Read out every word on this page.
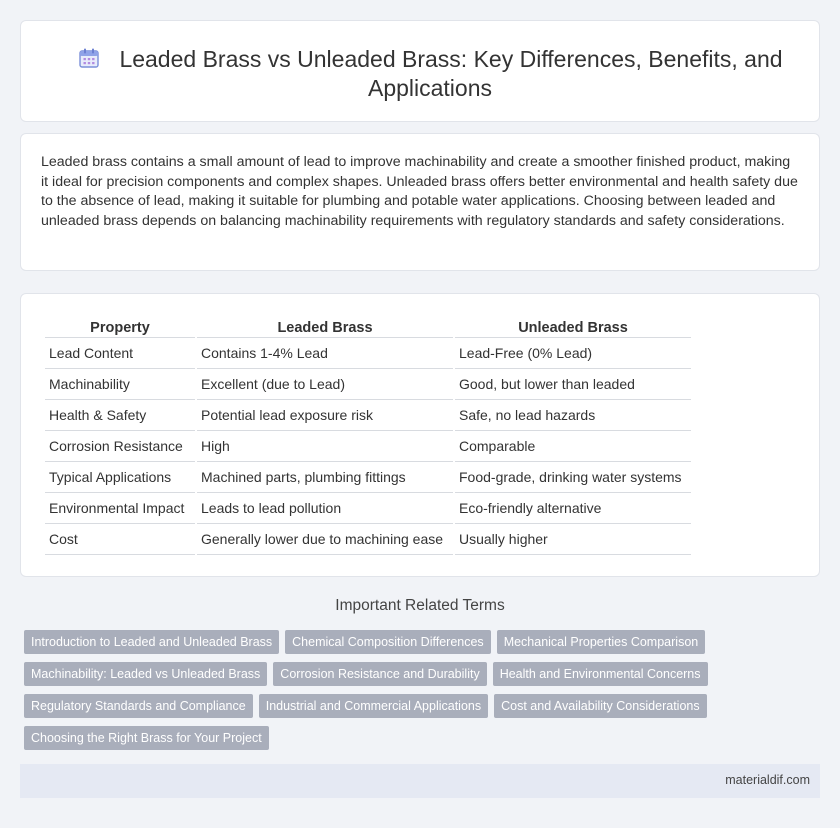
Leaded Brass vs Unleaded Brass: Key Differences, Benefits, and Applications

Leaded brass contains a small amount of lead to improve machinability and create a smoother finished product, making it ideal for precision components and complex shapes. Unleaded brass offers better environmental and health safety due to the absence of lead, making it suitable for plumbing and potable water applications. Choosing between leaded and unleaded brass depends on balancing machinability requirements with regulatory standards and safety considerations.

Property	Leaded Brass	Unleaded Brass
Lead Content	Contains 1-4% Lead	Lead-Free (0% Lead)
Machinability	Excellent (due to Lead)	Good, but lower than leaded
Health & Safety	Potential lead exposure risk	Safe, no lead hazards
Corrosion Resistance	High	Comparable
Typical Applications	Machined parts, plumbing fittings	Food-grade, drinking water systems
Environmental Impact	Leads to lead pollution	Eco-friendly alternative
Cost	Generally lower due to machining ease	Usually higher
Important Related Terms
Introduction to Leaded and Unleaded Brass	Chemical Composition Differences	Mechanical Properties Comparison
Machinability: Leaded vs Unleaded Brass	Corrosion Resistance and Durability	Health and Environmental Concerns
Regulatory Standards and Compliance	Industrial and Commercial Applications	Cost and Availability Considerations
Choosing the Right Brass for Your Project
materialdif.com
